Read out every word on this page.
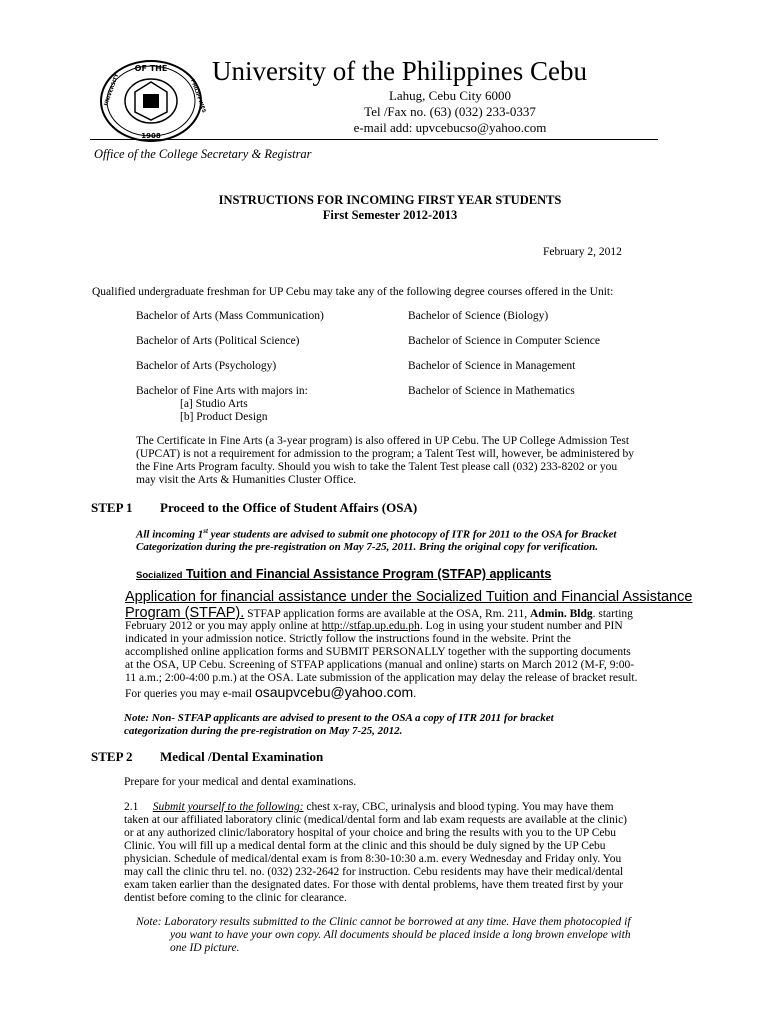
OF THE
UNIVERSITY	PHILIPPINES
1908
University of the Philippines Cebu
Lahug, Cebu City 6000
Tel /Fax no. (63) (032) 233-0337
e-mail add: upvcebucso@yahoo.com
Office of the College Secretary & Registrar
INSTRUCTIONS FOR INCOMING FIRST YEAR STUDENTS
First Semester 2012-2013
February 2, 2012
Qualified undergraduate freshman for UP Cebu may take any of the following degree courses offered in the Unit:
Bachelor of Arts (Mass Communication)
Bachelor of Arts (Political Science)
Bachelor of Arts (Psychology)
Bachelor of Fine Arts with majors in:
[a] Studio Arts
[b] Product Design
Bachelor of Science (Biology)
Bachelor of Science in Computer Science
Bachelor of Science in Management
Bachelor of Science in Mathematics
The Certificate in Fine Arts (a 3-year program) is also offered in UP Cebu. The UP College Admission Test
(UPCAT) is not a requirement for admission to the program; a Talent Test will, however, be administered by
the Fine Arts Program faculty. Should you wish to take the Talent Test please call (032) 233-8202 or you
may visit the Arts & Humanities Cluster Office.
STEP 1 Proceed to the Office of Student Affairs (OSA)
All incoming 1st year students are advised to submit one photocopy of ITR for 2011 to the OSA for Bracket
Categorization during the pre-registration on May 7-25, 2011. Bring the original copy for verification.
Socialized Tuition and Financial Assistance Program (STFAP) applicants
Application for financial assistance under the Socialized Tuition and Financial Assistance
Program (STFAP). STFAP application forms are available at the OSA, Rm. 211, Admin. Bldg. starting
February 2012 or you may apply online at http://stfap.up.edu.ph. Log in using your student number and PIN
indicated in your admission notice. Strictly follow the instructions found in the website. Print the
accomplished online application forms and SUBMIT PERSONALLY together with the supporting documents
at the OSA, UP Cebu. Screening of STFAP applications (manual and online) starts on March 2012 (M-F, 9:00-
11 a.m.; 2:00-4:00 p.m.) at the OSA. Late submission of the application may delay the release of bracket result.
For queries you may e-mail osaupvcebu@yahoo.com.
Note: Non- STFAP applicants are advised to present to the OSA a copy of ITR 2011 for bracket
categorization during the pre-registration on May 7-25, 2012.
STEP 2 Medical /Dental Examination
Prepare for your medical and dental examinations.
2.1 Submit yourself to the following: chest x-ray, CBC, urinalysis and blood typing. You may have them
taken at our affiliated laboratory clinic (medical/dental form and lab exam requests are available at the clinic)
or at any authorized clinic/laboratory hospital of your choice and bring the results with you to the UP Cebu
Clinic. You will fill up a medical dental form at the clinic and this should be duly signed by the UP Cebu
physician. Schedule of medical/dental exam is from 8:30-10:30 a.m. every Wednesday and Friday only. You
may call the clinic thru tel. no. (032) 232-2642 for instruction. Cebu residents may have their medical/dental
exam taken earlier than the designated dates. For those with dental problems, have them treated first by your
dentist before coming to the clinic for clearance.
Note: Laboratory results submitted to the Clinic cannot be borrowed at any time. Have them photocopied if
you want to have your own copy. All documents should be placed inside a long brown envelope with
one ID picture.
